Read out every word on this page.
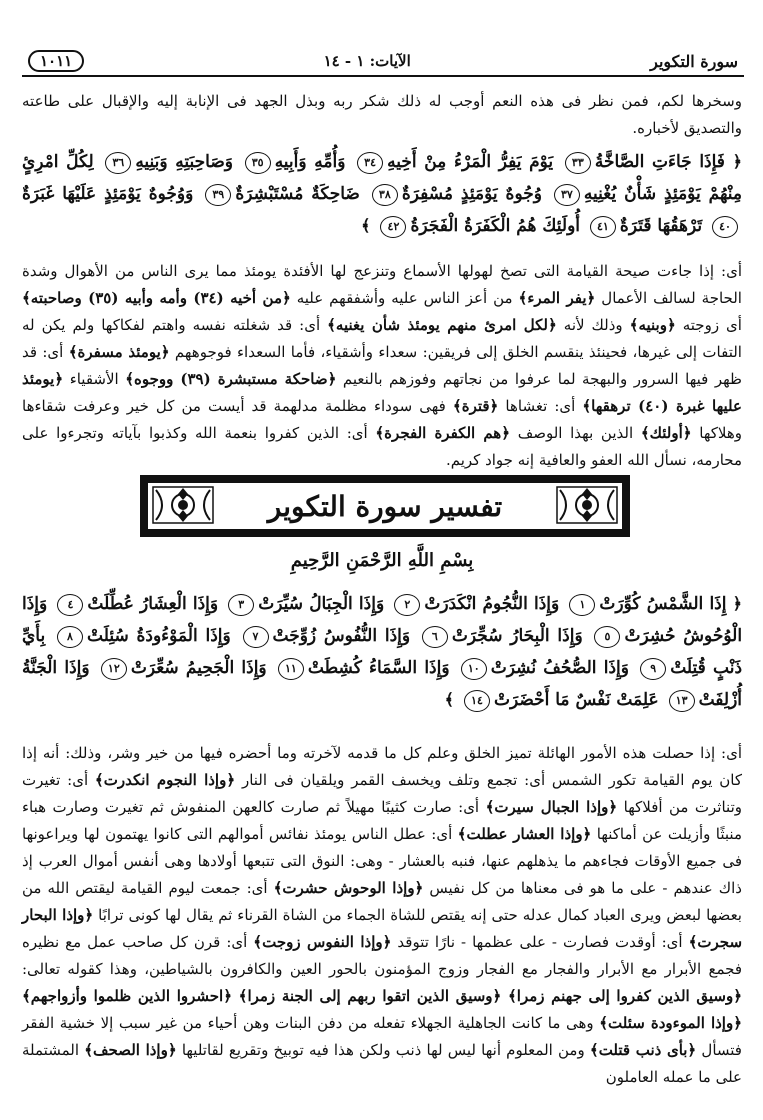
سورة التكوير
الآيات: ١ - ١٤
١٠١١

وسخرها لكم، فمن نظر فى هذه النعم أوجب له ذلك شكر ربه وبذل الجهد فى الإنابة إليه والإقبال على طاعته والتصديق لأخباره.

﴿ فَإِذَا جَاءَتِ الصَّاخَّةُ٣٣ يَوْمَ يَفِرُّ الْمَرْءُ مِنْ أَخِيهِ٣٤ وَأُمِّهِ وَأَبِيهِ٣٥ وَصَاحِبَتِهِ وَبَنِيهِ٣٦ لِكُلِّ امْرِئٍ مِنْهُمْ يَوْمَئِذٍ شَأْنٌ يُغْنِيهِ٣٧ وُجُوهٌ يَوْمَئِذٍ مُسْفِرَةٌ٣٨ ضَاحِكَةٌ مُسْتَبْشِرَةٌ٣٩ وَوُجُوهٌ يَوْمَئِذٍ عَلَيْهَا غَبَرَةٌ٤٠ تَرْهَقُهَا قَتَرَةٌ٤١ أُولَئِكَ هُمُ الْكَفَرَةُ الْفَجَرَةُ٤٢ ﴾

أى: إذا جاءت صيحة القيامة التى تصخ لهولها الأسماع وتنزعج لها الأفئدة يومئذ مما يرى الناس من الأهوال وشدة الحاجة لسالف الأعمال ﴿يفر المرء﴾ من أعز الناس عليه وأشفقهم عليه ﴿من أخيه (٣٤) وأمه وأبيه (٣٥) وصاحبته﴾ أى زوجته ﴿وبنيه﴾ وذلك لأنه ﴿لكل امرئ منهم يومئذ شأن يغنيه﴾ أى: قد شغلته نفسه واهتم لفكاكها ولم يكن له التفات إلى غيرها، فحينئذ ينقسم الخلق إلى فريقين: سعداء وأشقياء، فأما السعداء فوجوههم ﴿يومئذ مسفرة﴾ أى: قد ظهر فيها السرور والبهجة لما عرفوا من نجاتهم وفوزهم بالنعيم ﴿ضاحكة مستبشرة (٣٩) ووجوه﴾ الأشقياء ﴿يومئذ عليها غبرة (٤٠) ترهقها﴾ أى: تغشاها ﴿قترة﴾ فهى سوداء مظلمة مدلهمة قد أيست من كل خير وعرفت شقاءها وهلاكها ﴿أولئك﴾ الذين بهذا الوصف ﴿هم الكفرة الفجرة﴾ أى: الذين كفروا بنعمة الله وكذبوا بآياته وتجرءوا على محارمه، نسأل الله العفو والعافية إنه جواد كريم.

تفسير سورة التكوير
بِسْمِ اللَّهِ الرَّحْمَنِ الرَّحِيمِ

﴿ إِذَا الشَّمْسُ كُوِّرَتْ١ وَإِذَا النُّجُومُ انْكَدَرَتْ٢ وَإِذَا الْجِبَالُ سُيِّرَتْ٣ وَإِذَا الْعِشَارُ عُطِّلَتْ٤ وَإِذَا الْوُحُوشُ حُشِرَتْ٥ وَإِذَا الْبِحَارُ سُجِّرَتْ٦ وَإِذَا النُّفُوسُ زُوِّجَتْ٧ وَإِذَا الْمَوْءُودَةُ سُئِلَتْ٨ بِأَيِّ ذَنْبٍ قُتِلَتْ٩ وَإِذَا الصُّحُفُ نُشِرَتْ١٠ وَإِذَا السَّمَاءُ كُشِطَتْ١١ وَإِذَا الْجَحِيمُ سُعِّرَتْ١٢ وَإِذَا الْجَنَّةُ أُزْلِفَتْ١٣ عَلِمَتْ نَفْسٌ مَا أَحْضَرَتْ١٤ ﴾

أى: إذا حصلت هذه الأمور الهائلة تميز الخلق وعلم كل ما قدمه لآخرته وما أحضره فيها من خير وشر، وذلك: أنه إذا كان يوم القيامة تكور الشمس أى: تجمع وتلف ويخسف القمر ويلقيان فى النار ﴿وإذا النجوم انكدرت﴾ أى: تغيرت وتناثرت من أفلاكها ﴿وإذا الجبال سيرت﴾ أى: صارت كثيبًا مهيلاً ثم صارت كالعهن المنفوش ثم تغيرت وصارت هباء منبثًا وأزيلت عن أماكنها ﴿وإذا العشار عطلت﴾ أى: عطل الناس يومئذ نفائس أموالهم التى كانوا يهتمون لها ويراعونها فى جميع الأوقات فجاءهم ما يذهلهم عنها، فنبه بالعشار - وهى: النوق التى تتبعها أولادها وهى أنفس أموال العرب إذ ذاك عندهم - على ما هو فى معناها من كل نفيس ﴿وإذا الوحوش حشرت﴾ أى: جمعت ليوم القيامة ليقتص الله من بعضها لبعض ويرى العباد كمال عدله حتى إنه يقتص للشاة الجماء من الشاة القرناء ثم يقال لها كونى ترابًا ﴿وإذا البحار سجرت﴾ أى: أوقدت فصارت - على عظمها - نارًا تتوقد ﴿وإذا النفوس زوجت﴾ أى: قرن كل صاحب عمل مع نظيره فجمع الأبرار مع الأبرار والفجار مع الفجار وزوج المؤمنون بالحور العين والكافرون بالشياطين، وهذا كقوله تعالى: ﴿وسيق الذين كفروا إلى جهنم زمرا﴾ ﴿وسيق الذين اتقوا ربهم إلى الجنة زمرا﴾ ﴿احشروا الذين ظلموا وأزواجهم﴾ ﴿وإذا الموءودة سئلت﴾ وهى ما كانت الجاهلية الجهلاء تفعله من دفن البنات وهن أحياء من غير سبب إلا خشية الفقر فتسأل ﴿بأى ذنب قتلت﴾ ومن المعلوم أنها ليس لها ذنب ولكن هذا فيه توبيخ وتقريع لقاتليها ﴿وإذا الصحف﴾ المشتملة على ما عمله العاملون
